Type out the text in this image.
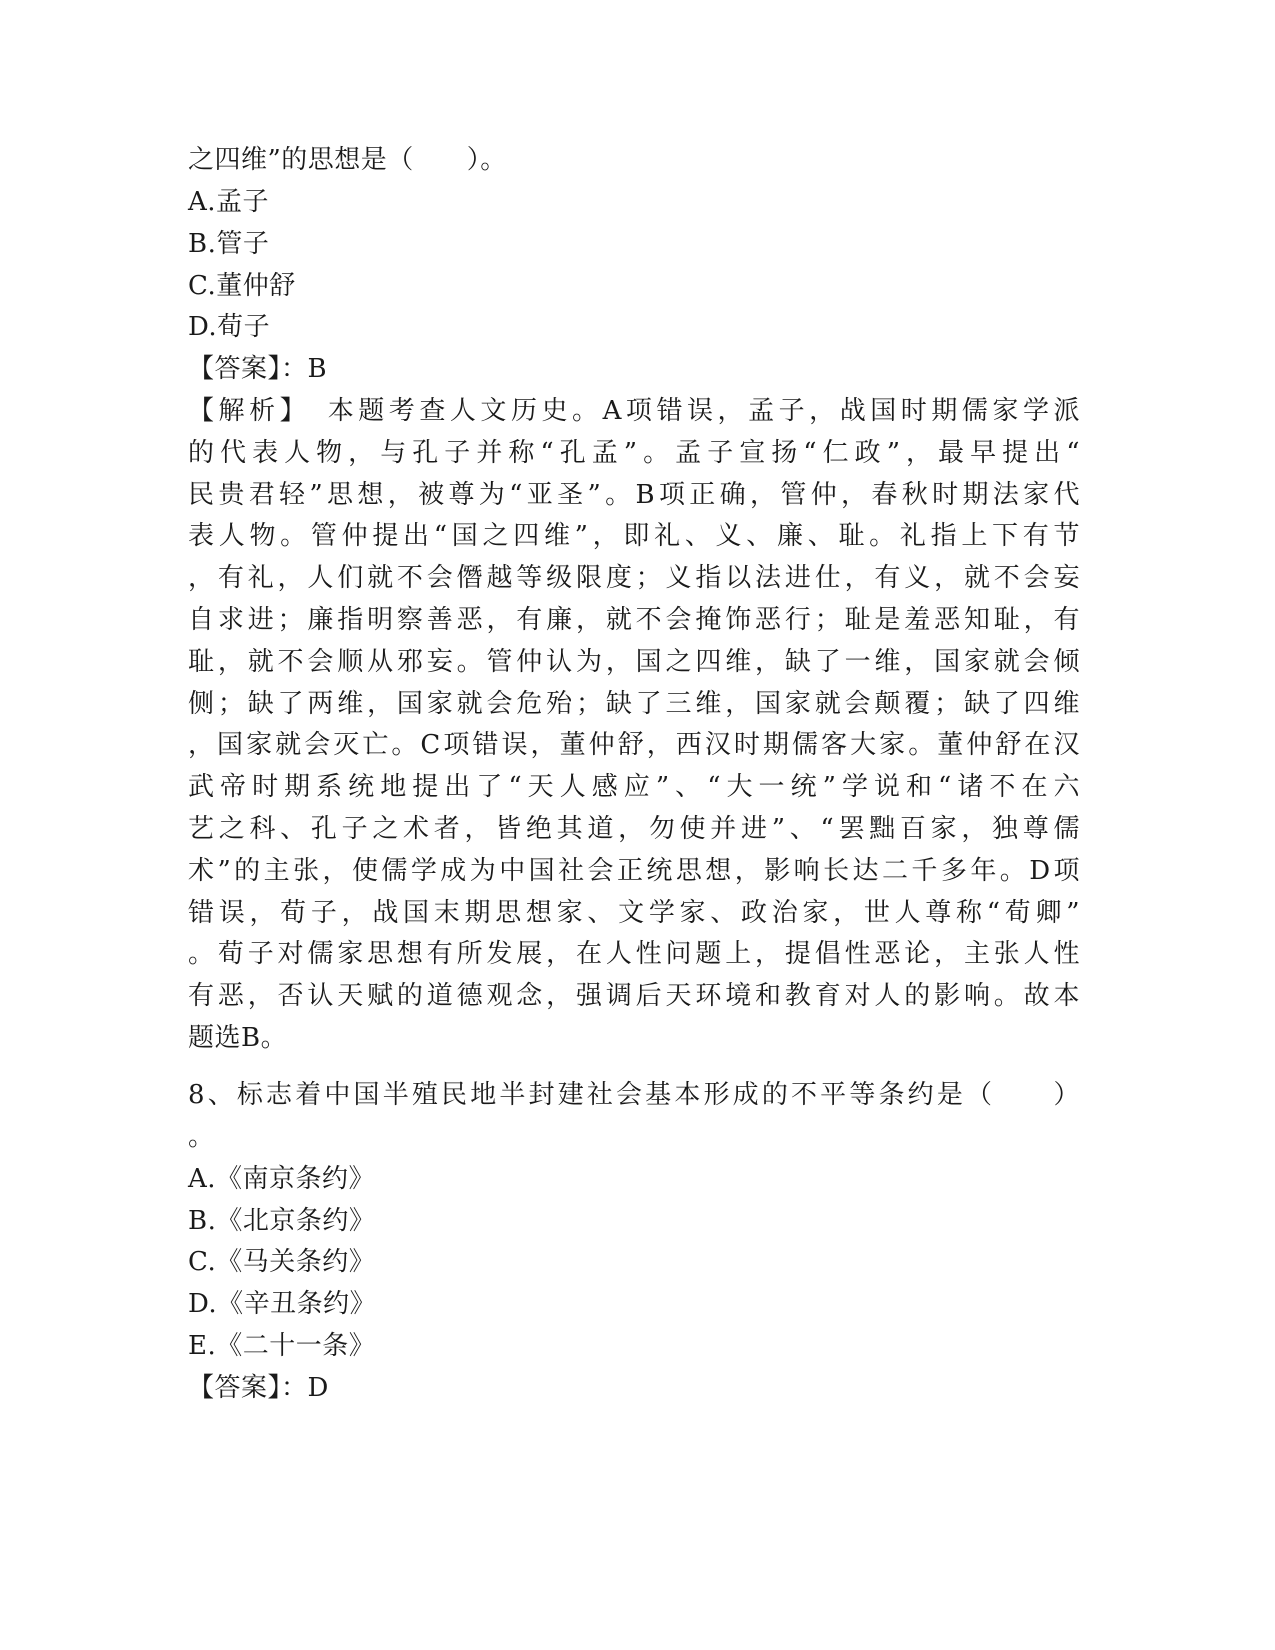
之四维”的思想是（　　）。
A.孟子
B.管子
C.董仲舒
D.荀子
【答案】：B
【解析】　本题考查人文历史。A项错误，孟子，战国时期儒家学派
的代表人物，与孔子并称“孔孟”。孟子宣扬“仁政”，最早提出“
民贵君轻”思想，被尊为“亚圣”。B项正确，管仲，春秋时期法家代
表人物。管仲提出“国之四维”，即礼、义、廉、耻。礼指上下有节
，有礼，人们就不会僭越等级限度；义指以法进仕，有义，就不会妄
自求进；廉指明察善恶，有廉，就不会掩饰恶行；耻是羞恶知耻，有
耻，就不会顺从邪妄。管仲认为，国之四维，缺了一维，国家就会倾
侧；缺了两维，国家就会危殆；缺了三维，国家就会颠覆；缺了四维
，国家就会灭亡。C项错误，董仲舒，西汉时期儒客大家。董仲舒在汉
武帝时期系统地提出了“天人感应”、“大一统”学说和“诸不在六
艺之科、孔子之术者，皆绝其道，勿使并进”、“罢黜百家，独尊儒
术”的主张，使儒学成为中国社会正统思想，影响长达二千多年。D项
错误，荀子，战国末期思想家、文学家、政治家，世人尊称“荀卿”
。荀子对儒家思想有所发展，在人性问题上，提倡性恶论，主张人性
有恶，否认天赋的道德观念，强调后天环境和教育对人的影响。故本
题选B。
8、标志着中国半殖民地半封建社会基本形成的不平等条约是（　　）
。
A.《南京条约》
B.《北京条约》
C.《马关条约》
D.《辛丑条约》
E.《二十一条》
【答案】：D
